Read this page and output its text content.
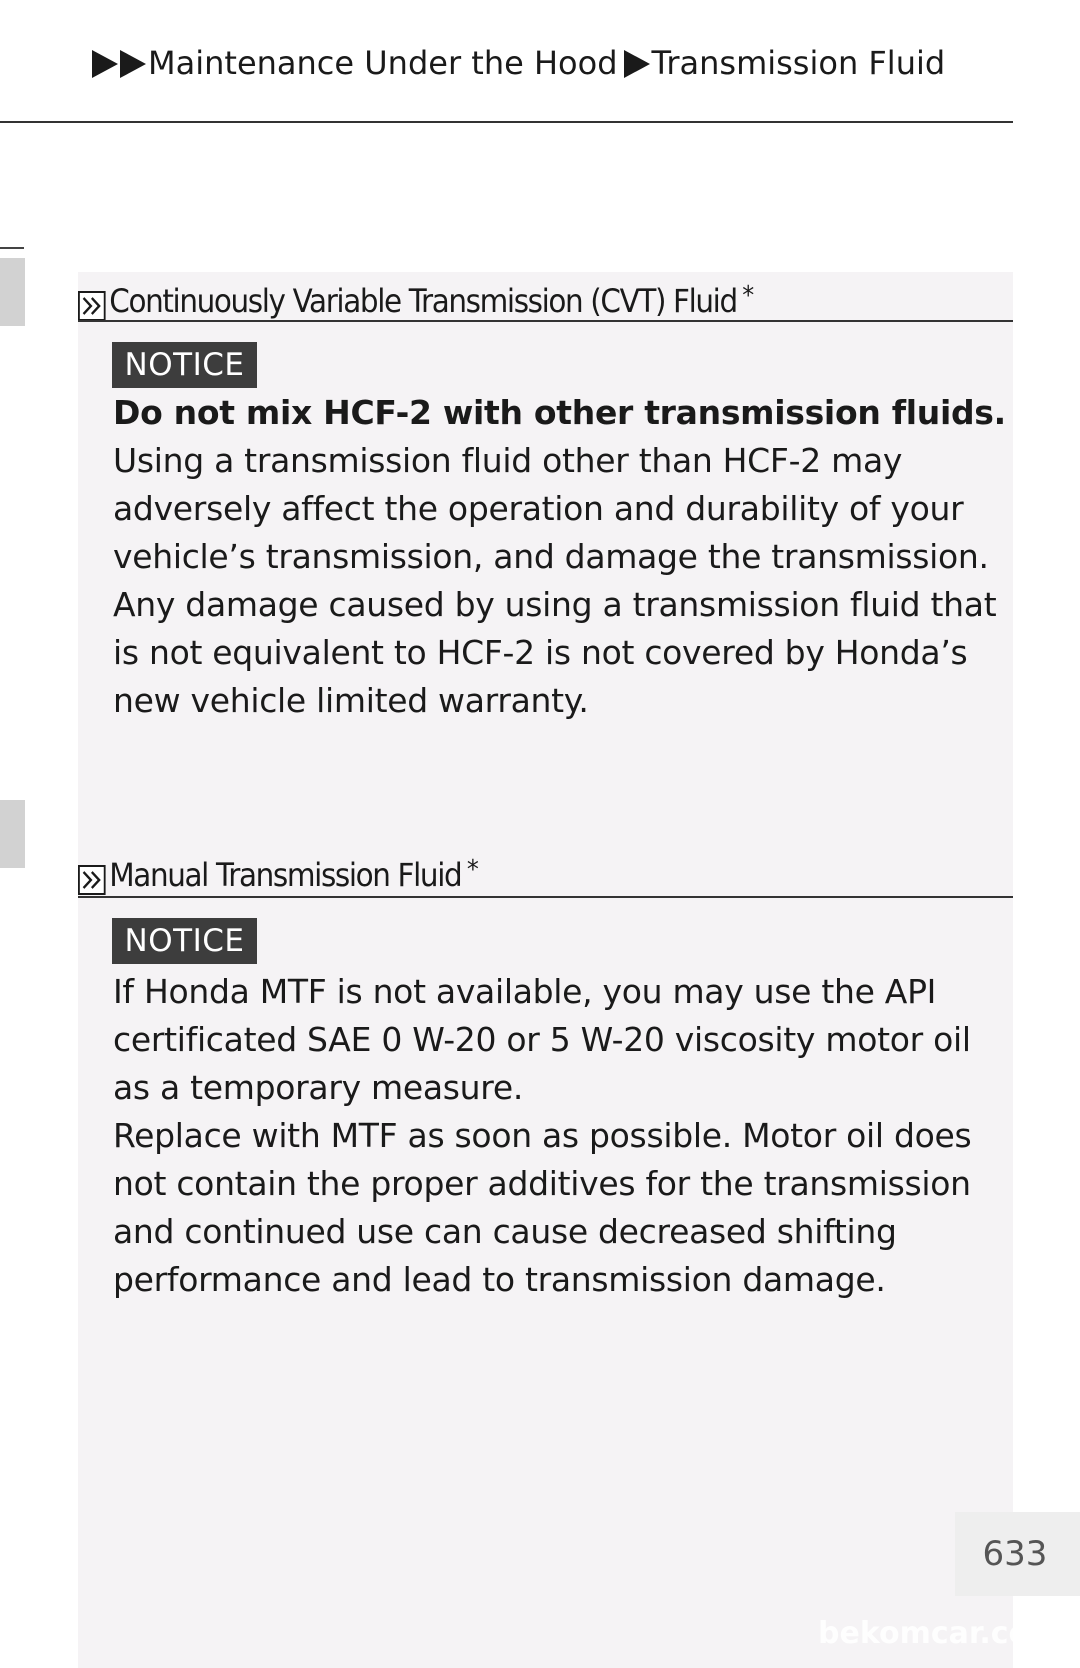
Maintenance Under the Hood Transmission Fluid
Continuously Variable Transmission (CVT) Fluid *
NOTICE
Do not mix HCF-2 with other transmission fluids.
Using a transmission fluid other than HCF-2 may
adversely affect the operation and durability of your
vehicle’s transmission, and damage the transmission.
Any damage caused by using a transmission fluid that
is not equivalent to HCF-2 is not covered by Honda’s
new vehicle limited warranty.
Manual Transmission Fluid *
NOTICE
If Honda MTF is not available, you may use the API
certificated SAE 0 W-20 or 5 W-20 viscosity motor oil
as a temporary measure.
Replace with MTF as soon as possible. Motor oil does
not contain the proper additives for the transmission
and continued use can cause decreased shifting
performance and lead to transmission damage.
633
bekomcar.co
